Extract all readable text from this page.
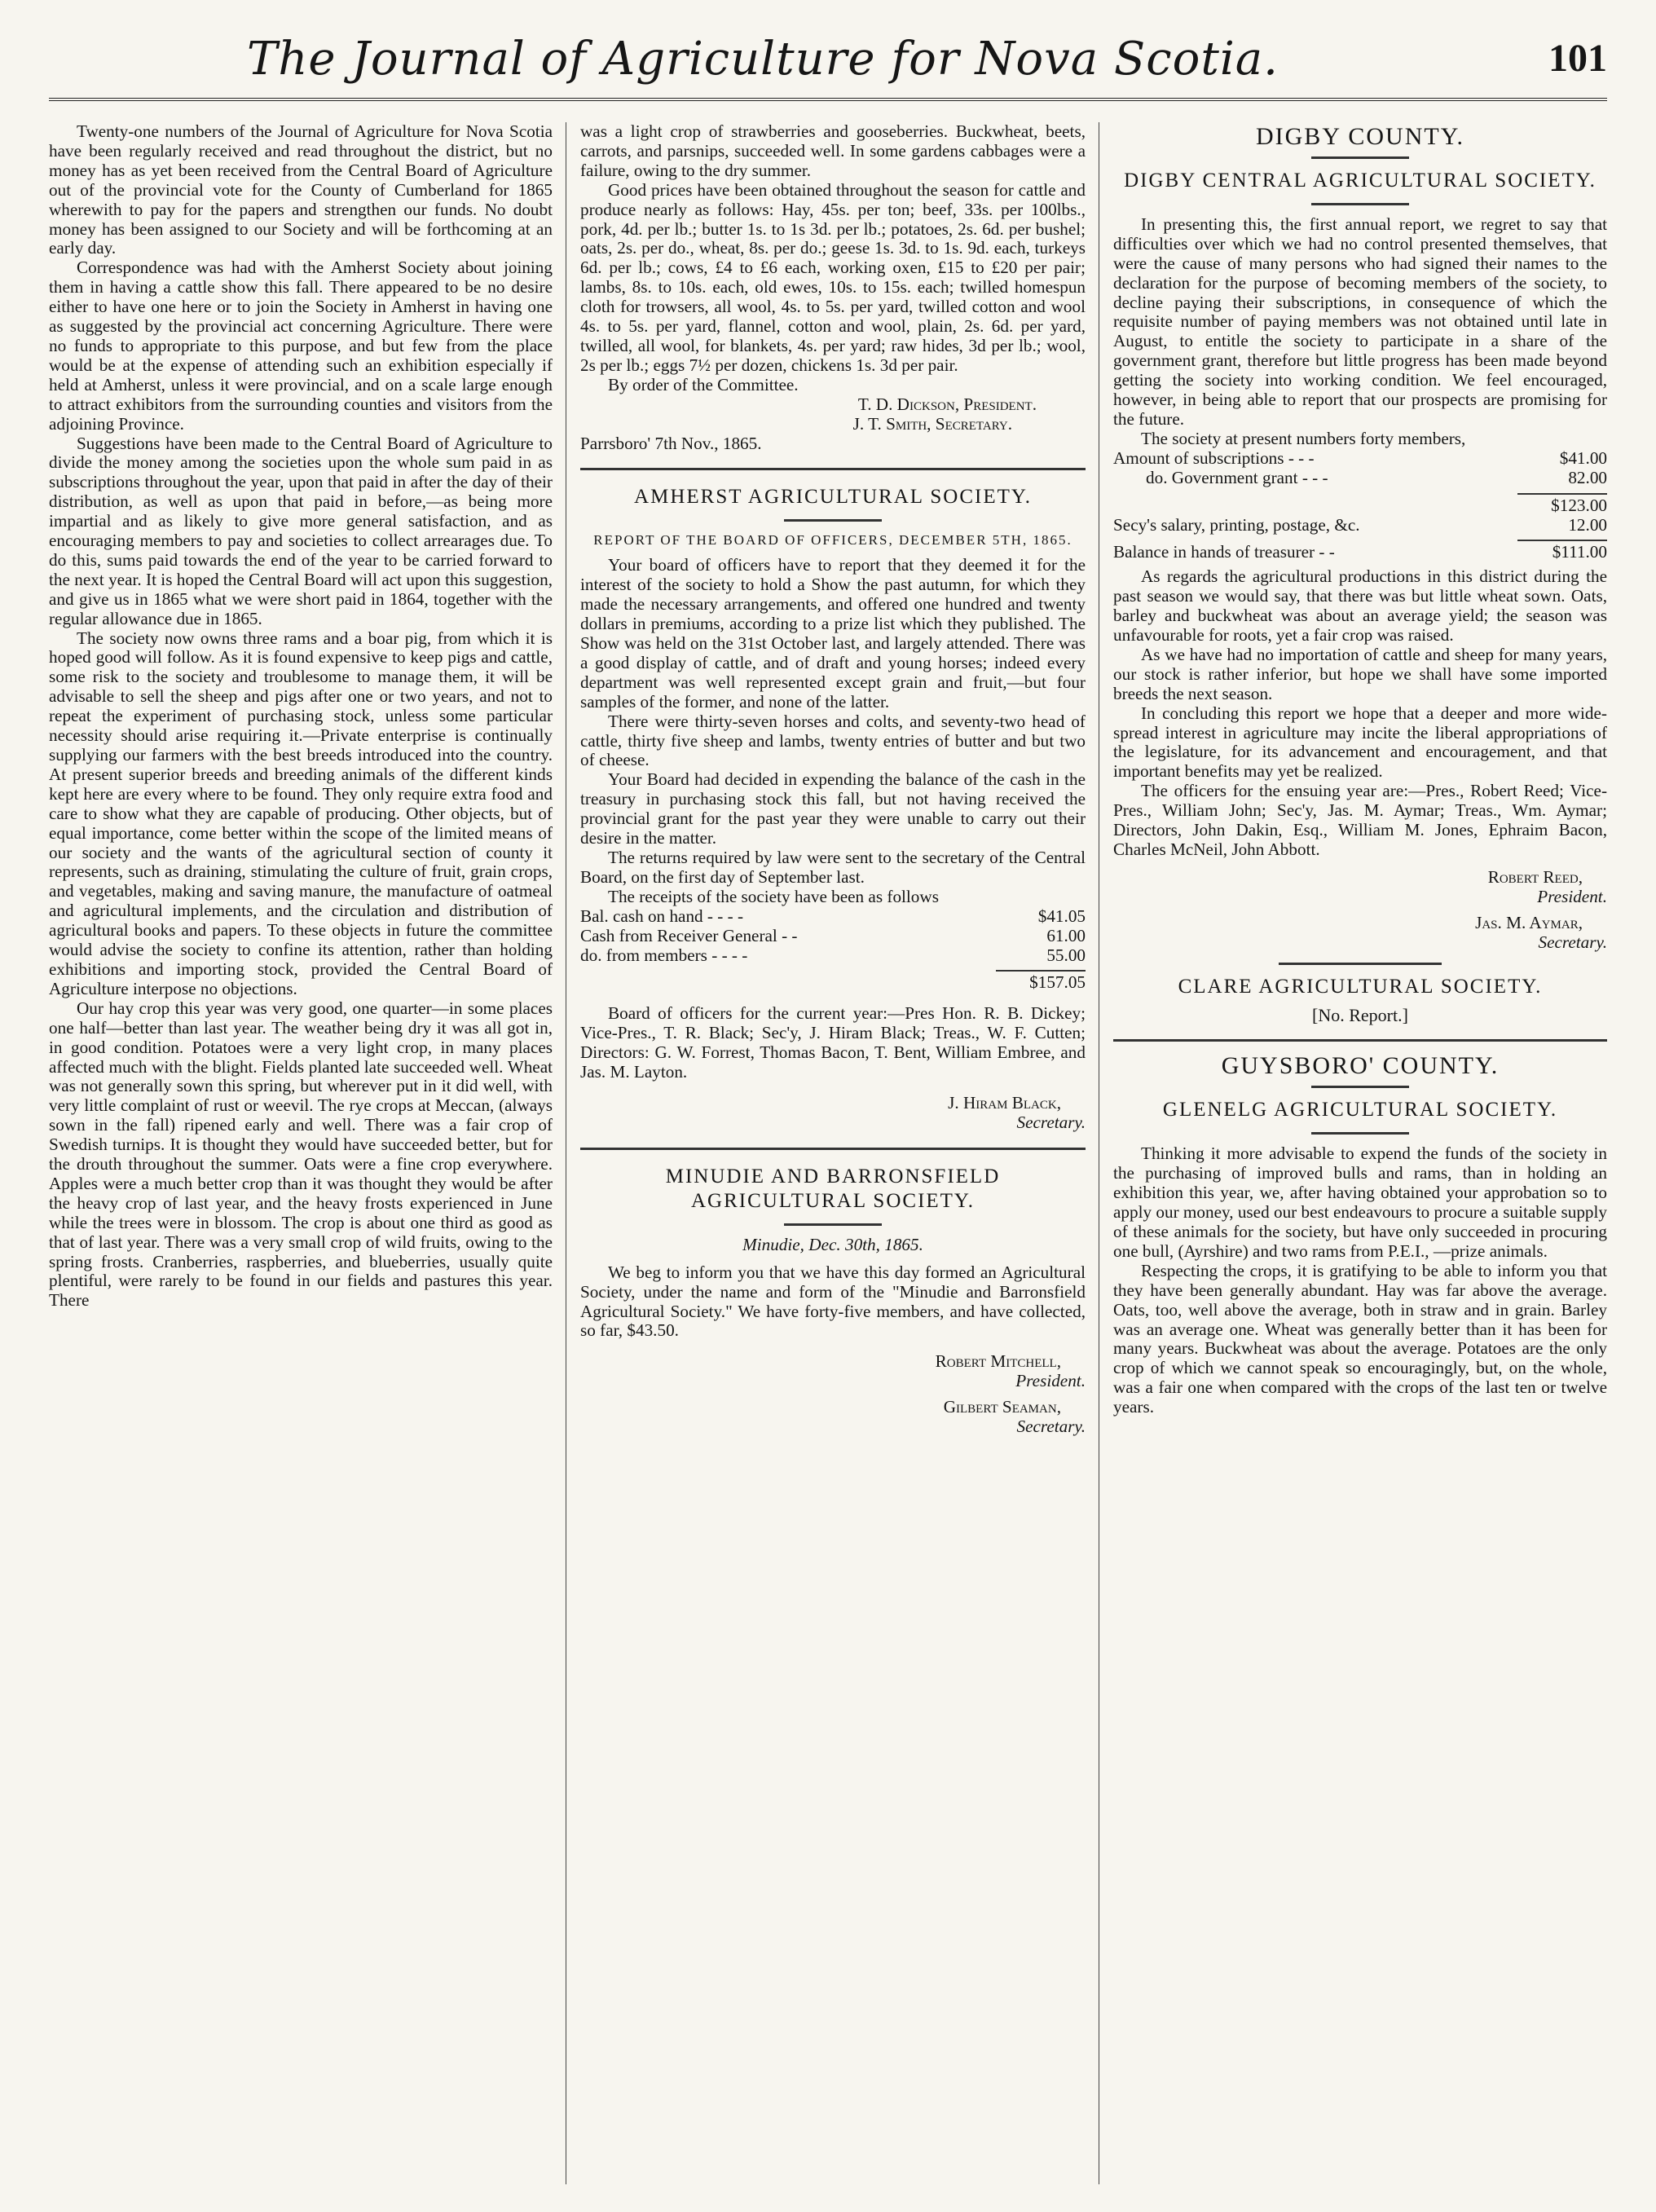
The Journal of Agriculture for Nova Scotia.	101

Twenty-one numbers of the Journal of Agriculture for Nova Scotia have been regularly received and read throughout the district, but no money has as yet been received from the Central Board of Agriculture out of the provincial vote for the County of Cumberland for 1865 wherewith to pay for the papers and strengthen our funds. No doubt money has been assigned to our Society and will be forthcoming at an early day.

Correspondence was had with the Amherst Society about joining them in having a cattle show this fall. There appeared to be no desire either to have one here or to join the Society in Amherst in having one as suggested by the provincial act concerning Agriculture. There were no funds to appropriate to this purpose, and but few from the place would be at the expense of attending such an exhibition especially if held at Amherst, unless it were provincial, and on a scale large enough to attract exhibitors from the surrounding counties and visitors from the adjoining Province.

Suggestions have been made to the Central Board of Agriculture to divide the money among the societies upon the whole sum paid in as subscriptions throughout the year, upon that paid in after the day of their distribution, as well as upon that paid in before,—as being more impartial and as likely to give more general satisfaction, and as encouraging members to pay and societies to collect arrearages due. To do this, sums paid towards the end of the year to be carried forward to the next year. It is hoped the Central Board will act upon this suggestion, and give us in 1865 what we were short paid in 1864, together with the regular allowance due in 1865.

The society now owns three rams and a boar pig, from which it is hoped good will follow. As it is found expensive to keep pigs and cattle, some risk to the society and troublesome to manage them, it will be advisable to sell the sheep and pigs after one or two years, and not to repeat the experiment of purchasing stock, unless some particular necessity should arise requiring it.—Private enterprise is continually supplying our farmers with the best breeds introduced into the country. At present superior breeds and breeding animals of the different kinds kept here are every where to be found. They only require extra food and care to show what they are capable of producing. Other objects, but of equal importance, come better within the scope of the limited means of our society and the wants of the agricultural section of county it represents, such as draining, stimulating the culture of fruit, grain crops, and vegetables, making and saving manure, the manufacture of oatmeal and agricultural implements, and the circulation and distribution of agricultural books and papers. To these objects in future the committee would advise the society to confine its attention, rather than holding exhibitions and importing stock, provided the Central Board of Agriculture interpose no objections.

Our hay crop this year was very good, one quarter—in some places one half—better than last year. The weather being dry it was all got in, in good condition. Potatoes were a very light crop, in many places affected much with the blight. Fields planted late succeeded well. Wheat was not generally sown this spring, but wherever put in it did well, with very little complaint of rust or weevil. The rye crops at Meccan, (always sown in the fall) ripened early and well. There was a fair crop of Swedish turnips. It is thought they would have succeeded better, but for the drouth throughout the summer. Oats were a fine crop everywhere. Apples were a much better crop than it was thought they would be after the heavy crop of last year, and the heavy frosts experienced in June while the trees were in blossom. The crop is about one third as good as that of last year. There was a very small crop of wild fruits, owing to the spring frosts. Cranberries, raspberries, and blueberries, usually quite plentiful, were rarely to be found in our fields and pastures this year. There

was a light crop of strawberries and gooseberries. Buckwheat, beets, carrots, and parsnips, succeeded well. In some gardens cabbages were a failure, owing to the dry summer.

Good prices have been obtained throughout the season for cattle and produce nearly as follows: Hay, 45s. per ton; beef, 33s. per 100lbs., pork, 4d. per lb.; butter 1s. to 1s 3d. per lb.; potatoes, 2s. 6d. per bushel; oats, 2s. per do., wheat, 8s. per do.; geese 1s. 3d. to 1s. 9d. each, turkeys 6d. per lb.; cows, £4 to £6 each, working oxen, £15 to £20 per pair; lambs, 8s. to 10s. each, old ewes, 10s. to 15s. each; twilled homespun cloth for trowsers, all wool, 4s. to 5s. per yard, twilled cotton and wool 4s. to 5s. per yard, flannel, cotton and wool, plain, 2s. 6d. per yard, twilled, all wool, for blankets, 4s. per yard; raw hides, 3d per lb.; wool, 2s per lb.; eggs 7½ per dozen, chickens 1s. 3d per pair.

By order of the Committee.

T. D. Dickson, President.

J. T. Smith, Secretary.

Parrsboro' 7th Nov., 1865.

AMHERST AGRICULTURAL SOCIETY.
REPORT OF THE BOARD OF OFFICERS, DECEMBER 5TH, 1865.

Your board of officers have to report that they deemed it for the interest of the society to hold a Show the past autumn, for which they made the necessary arrangements, and offered one hundred and twenty dollars in premiums, according to a prize list which they published. The Show was held on the 31st October last, and largely attended. There was a good display of cattle, and of draft and young horses; indeed every department was well represented except grain and fruit,—but four samples of the former, and none of the latter.

There were thirty-seven horses and colts, and seventy-two head of cattle, thirty five sheep and lambs, twenty entries of butter and but two of cheese.

Your Board had decided in expending the balance of the cash in the treasury in purchasing stock this fall, but not having received the provincial grant for the past year they were unable to carry out their desire in the matter.

The returns required by law were sent to the secretary of the Central Board, on the first day of September last.

The receipts of the society have been as follows

Bal. cash on hand - - - -	$41.05
Cash from Receiver General - -	61.00
do. from members - - - -	55.00
$157.05

Board of officers for the current year:—Pres Hon. R. B. Dickey; Vice-Pres., T. R. Black; Sec'y, J. Hiram Black; Treas., W. F. Cutten; Directors: G. W. Forrest, Thomas Bacon, T. Bent, William Embree, and Jas. M. Layton.

J. Hiram Black,

Secretary.

MINUDIE AND BARRONSFIELD AGRICULTURAL SOCIETY.

Minudie, Dec. 30th, 1865.

We beg to inform you that we have this day formed an Agricultural Society, under the name and form of the "Minudie and Barronsfield Agricultural Society." We have forty-five members, and have collected, so far, $43.50.

Robert Mitchell,

President.

Gilbert Seaman,

Secretary.

DIGBY COUNTY.
DIGBY CENTRAL AGRICULTURAL SOCIETY.

In presenting this, the first annual report, we regret to say that difficulties over which we had no control presented themselves, that were the cause of many persons who had signed their names to the declaration for the purpose of becoming members of the society, to decline paying their subscriptions, in consequence of which the requisite number of paying members was not obtained until late in August, to entitle the society to participate in a share of the government grant, therefore but little progress has been made beyond getting the society into working condition. We feel encouraged, however, in being able to report that our prospects are promising for the future.

The society at present numbers forty members,

Amount of subscriptions - - -	$41.00
do. Government grant - - -	82.00
$123.00
Secy's salary, printing, postage, &c.	12.00
Balance in hands of treasurer - -	$111.00

As regards the agricultural productions in this district during the past season we would say, that there was but little wheat sown. Oats, barley and buckwheat was about an average yield; the season was unfavourable for roots, yet a fair crop was raised.

As we have had no importation of cattle and sheep for many years, our stock is rather inferior, but hope we shall have some imported breeds the next season.

In concluding this report we hope that a deeper and more wide-spread interest in agriculture may incite the liberal appropriations of the legislature, for its advancement and encouragement, and that important benefits may yet be realized.

The officers for the ensuing year are:—Pres., Robert Reed; Vice-Pres., William John; Sec'y, Jas. M. Aymar; Treas., Wm. Aymar; Directors, John Dakin, Esq., William M. Jones, Ephraim Bacon, Charles McNeil, John Abbott.

Robert Reed,

President.

Jas. M. Aymar,

Secretary.

CLARE AGRICULTURAL SOCIETY.

[No. Report.]

GUYSBORO' COUNTY.
GLENELG AGRICULTURAL SOCIETY.

Thinking it more advisable to expend the funds of the society in the purchasing of improved bulls and rams, than in holding an exhibition this year, we, after having obtained your approbation so to apply our money, used our best endeavours to procure a suitable supply of these animals for the society, but have only succeeded in procuring one bull, (Ayrshire) and two rams from P.E.I., —prize animals.

Respecting the crops, it is gratifying to be able to inform you that they have been generally abundant. Hay was far above the average. Oats, too, well above the average, both in straw and in grain. Barley was an average one. Wheat was generally better than it has been for many years. Buckwheat was about the average. Potatoes are the only crop of which we cannot speak so encouragingly, but, on the whole, was a fair one when compared with the crops of the last ten or twelve years.
